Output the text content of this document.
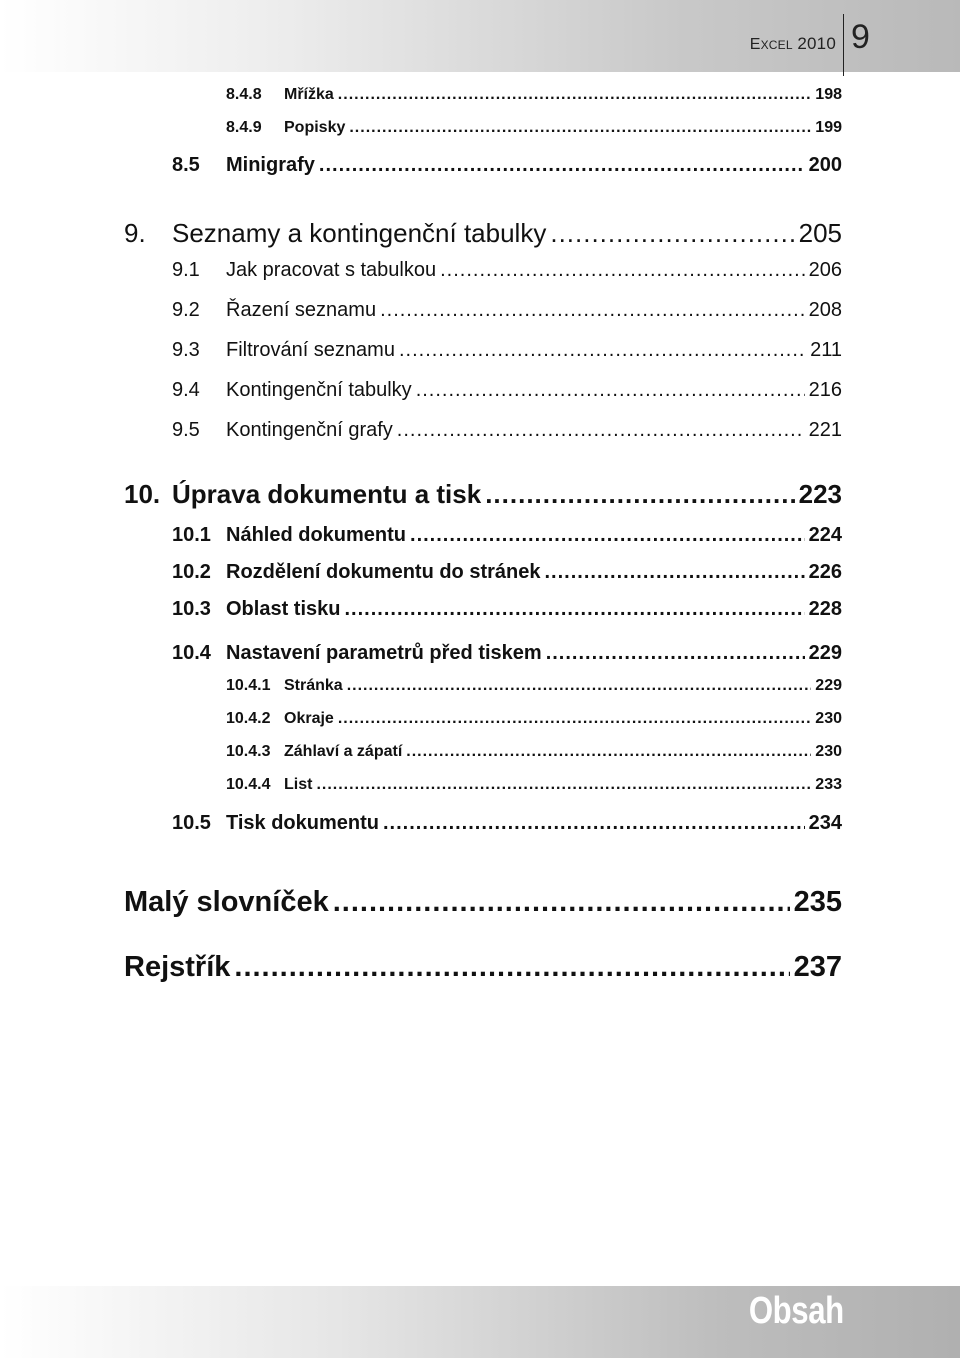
EXCEL 2010 9
8.4.8	Mřížka .....	198
8.4.9	Popisky .....	199
8.5	Minigrafy .....	200
9.	Seznamy a kontingenční tabulky .....	205
9.1	Jak pracovat s tabulkou .....	206
9.2	Řazení seznamu .....	208
9.3	Filtrování seznamu .....	211
9.4	Kontingenční tabulky .....	216
9.5	Kontingenční grafy .....	221
10. Úprava dokumentu a tisk .....	223
10.1 Náhled dokumentu .....	224
10.2 Rozdělení dokumentu do stránek .....	226
10.3 Oblast tisku .....	228
10.4 Nastavení parametrů před tiskem .....	229
10.4.1 Stránka .....	229
10.4.2 Okraje .....	230
10.4.3 Záhlaví a zápatí .....	230
10.4.4 List .....	233
10.5 Tisk dokumentu .....	234
Malý slovníček .....	235
Rejstřík .....	237
Obsah
